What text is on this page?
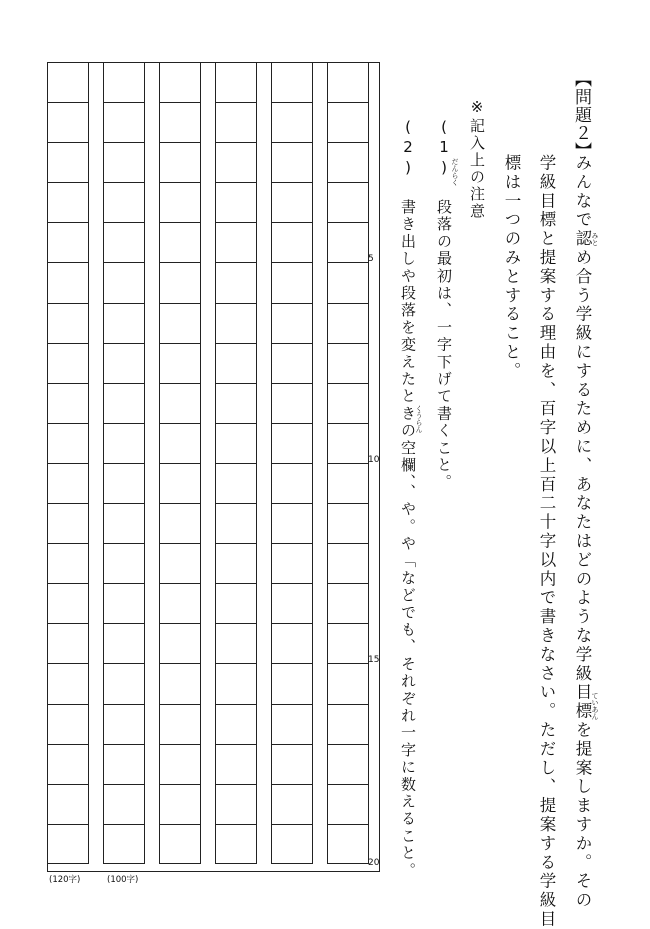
【問題２】
みんなで認め合う学級にするために、あなたはどのような学級目標を提案しますか。その
学級目標と提案する理由を、百字以上百二十字以内で書きなさい。ただし、提案する学級目
標は一つのみとすること。
※記入上の注意
(1) 段落の最初は、一字下げて書くこと。
(2) 書き出しや段落を変えたときの空欄、、や。や「などでも、それぞれ一字に数えること。	みと
ていあん
だんらく
くうらん
5
10
15
20
(120字)	(100字)
